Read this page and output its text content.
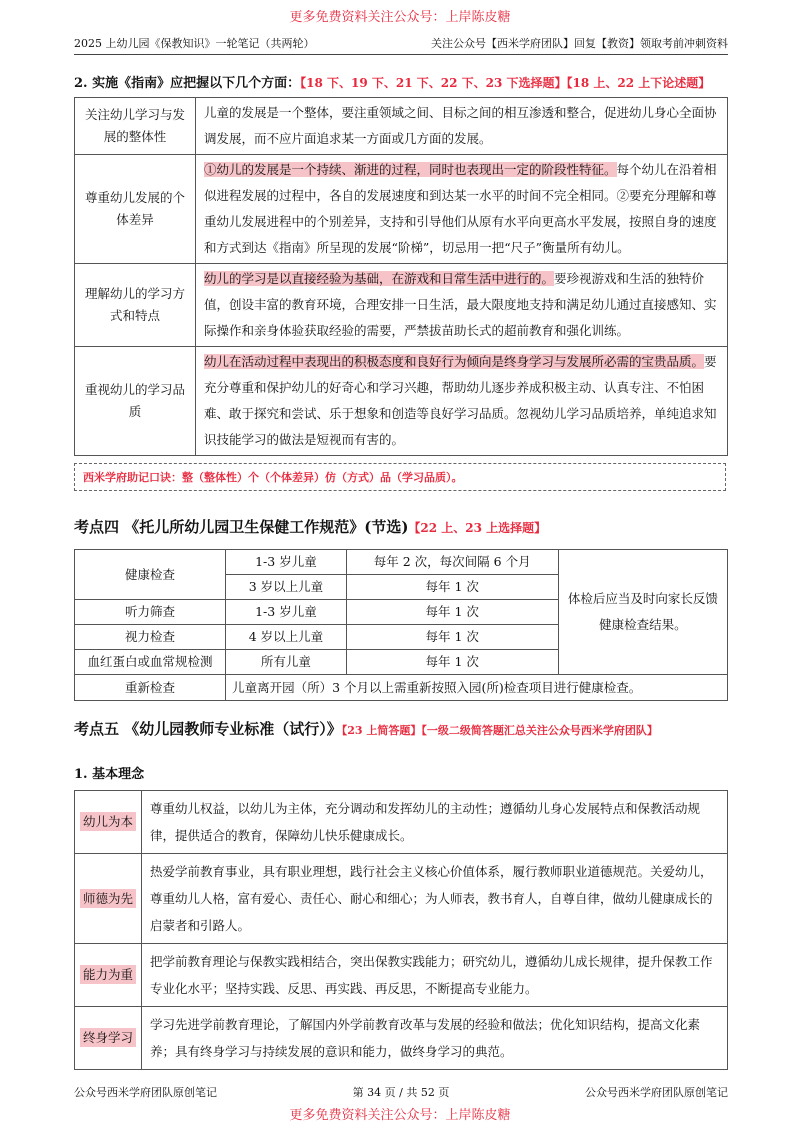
更多免费资料关注公众号：上岸陈皮糖
2025 上幼儿园《保教知识》一轮笔记（共两轮）	关注公众号【西米学府团队】回复【教资】领取考前冲刺资料
2. 实施《指南》应把握以下几个方面：【18 下、19 下、21 下、22 下、23 下选择题】【18 上、22 上下论述题】
关注幼儿学习与发展的整体性	儿童的发展是一个整体，要注重领域之间、目标之间的相互渗透和整合，促进幼儿身心全面协调发展，而不应片面追求某一方面或几方面的发展。
尊重幼儿发展的个体差异	①幼儿的发展是一个持续、渐进的过程，同时也表现出一定的阶段性特征。每个幼儿在沿着相似进程发展的过程中，各自的发展速度和到达某一水平的时间不完全相同。②要充分理解和尊重幼儿发展进程中的个别差异，支持和引导他们从原有水平向更高水平发展，按照自身的速度和方式到达《指南》所呈现的发展“阶梯”，切忌用一把“尺子”衡量所有幼儿。
理解幼儿的学习方式和特点	幼儿的学习是以直接经验为基础，在游戏和日常生活中进行的。要珍视游戏和生活的独特价值，创设丰富的教育环境，合理安排一日生活，最大限度地支持和满足幼儿通过直接感知、实际操作和亲身体验获取经验的需要，严禁拔苗助长式的超前教育和强化训练。
重视幼儿的学习品质	幼儿在活动过程中表现出的积极态度和良好行为倾向是终身学习与发展所必需的宝贵品质。要充分尊重和保护幼儿的好奇心和学习兴趣，帮助幼儿逐步养成积极主动、认真专注、不怕困难、敢于探究和尝试、乐于想象和创造等良好学习品质。忽视幼儿学习品质培养，单纯追求知识技能学习的做法是短视而有害的。
西米学府助记口诀：整（整体性）个（个体差异）仿（方式）品（学习品质）。
考点四 《托儿所幼儿园卫生保健工作规范》(节选)【22 上、23 上选择题】
健康检查	1-3 岁儿童	每年 2 次，每次间隔 6 个月	体检后应当及时向家长反馈健康检查结果。
	3 岁以上儿童	每年 1 次	
听力筛查	1-3 岁儿童	每年 1 次	
视力检查	4 岁以上儿童	每年 1 次	
血红蛋白或血常规检测	所有儿童	每年 1 次	
重新检查	儿童离开园（所）3 个月以上需重新按照入园(所)检查项目进行健康检查。		
考点五 《幼儿园教师专业标准（试行）》【23 上简答题】【一级二级简答题汇总关注公众号西米学府团队】
1. 基本理念
幼儿为本	尊重幼儿权益，以幼儿为主体，充分调动和发挥幼儿的主动性；遵循幼儿身心发展特点和保教活动规律，提供适合的教育，保障幼儿快乐健康成长。
师德为先	热爱学前教育事业，具有职业理想，践行社会主义核心价值体系，履行教师职业道德规范。关爱幼儿，尊重幼儿人格，富有爱心、责任心、耐心和细心；为人师表，教书育人，自尊自律，做幼儿健康成长的启蒙者和引路人。
能力为重	把学前教育理论与保教实践相结合，突出保教实践能力；研究幼儿，遵循幼儿成长规律，提升保教工作专业化水平；坚持实践、反思、再实践、再反思，不断提高专业能力。
终身学习	学习先进学前教育理论，了解国内外学前教育改革与发展的经验和做法；优化知识结构，提高文化素养；具有终身学习与持续发展的意识和能力，做终身学习的典范。
公众号西米学府团队原创笔记	第 34 页 / 共 52 页	公众号西米学府团队原创笔记
更多免费资料关注公众号：上岸陈皮糖
